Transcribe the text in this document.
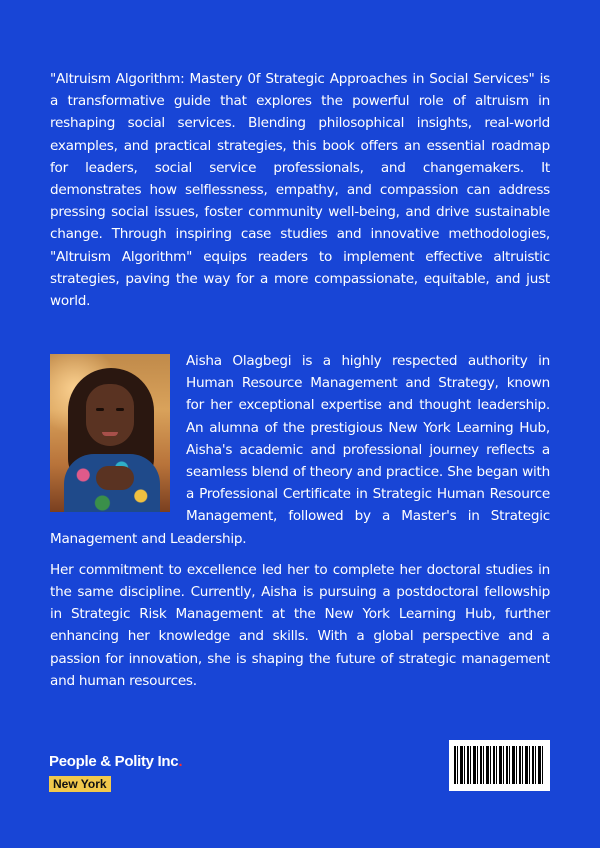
"Altruism Algorithm: Mastery 0f Strategic Approaches in Social Services" is a transformative guide that explores the powerful role of altruism in reshaping social services. Blending philosophical insights, real-world examples, and practical strategies, this book offers an essential roadmap for leaders, social service professionals, and changemakers. It demonstrates how selflessness, empathy, and compassion can address pressing social issues, foster community well-being, and drive sustainable change. Through inspiring case studies and innovative methodologies, "Altruism Algorithm" equips readers to implement effective altruistic strategies, paving the way for a more compassionate, equitable, and just world.

Aisha Olagbegi is a highly respected authority in Human Resource Management and Strategy, known for her exceptional expertise and thought leadership. An alumna of the prestigious New York Learning Hub, Aisha's academic and professional journey reflects a seamless blend of theory and practice. She began with a Professional Certificate in Strategic Human Resource Management, followed by a Master's in Strategic Management and Leadership.

Her commitment to excellence led her to complete her doctoral studies in the same discipline. Currently, Aisha is pursuing a postdoctoral fellowship in Strategic Risk Management at the New York Learning Hub, further enhancing her knowledge and skills. With a global perspective and a passion for innovation, she is shaping the future of strategic management and human resources.

People & Polity Inc.
New York
